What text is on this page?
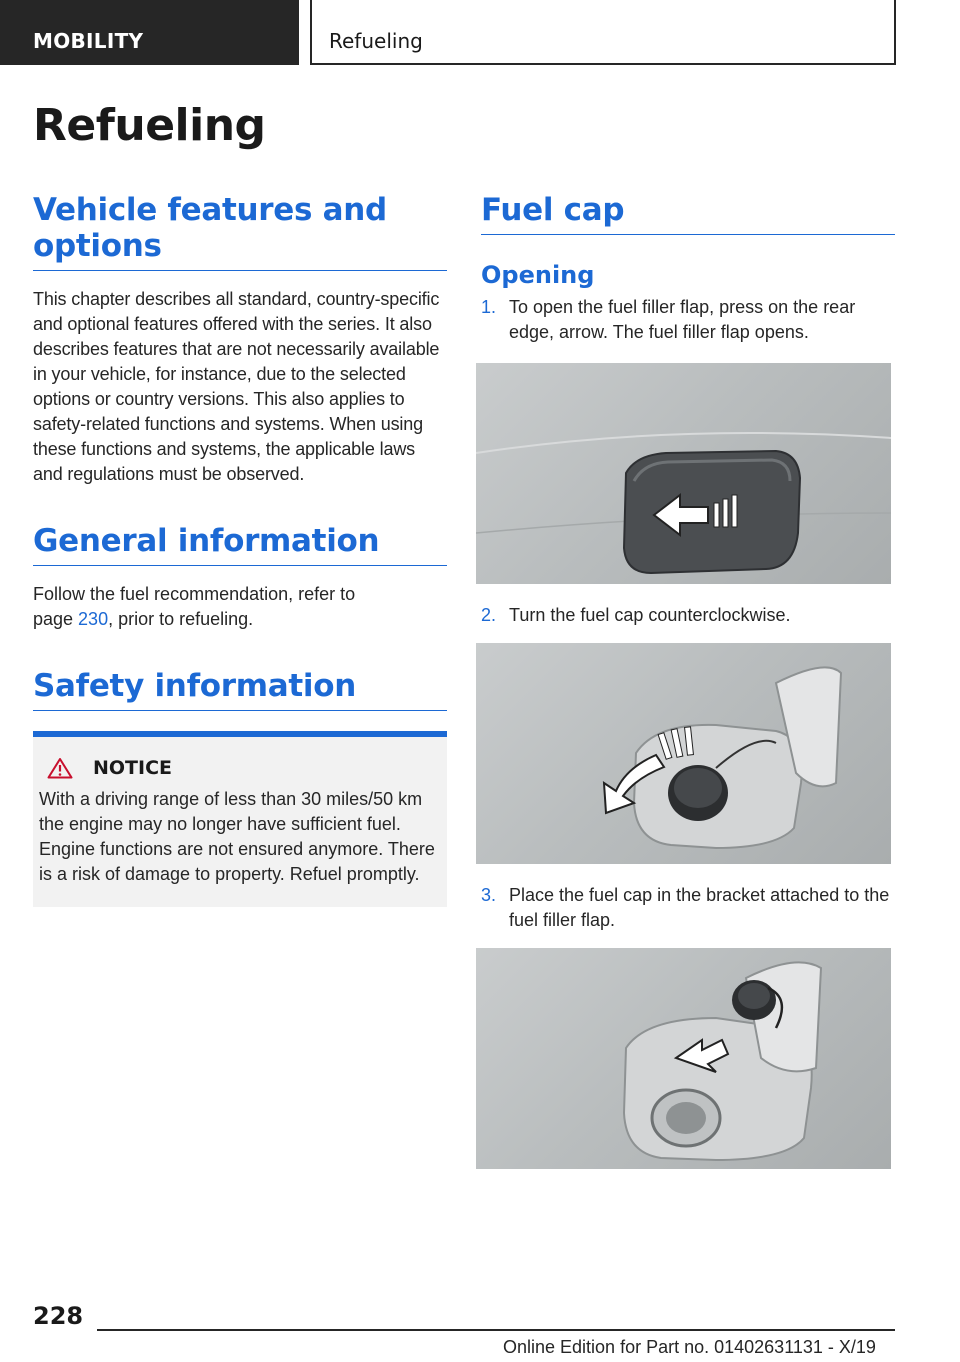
MOBILITY	Refueling
Refueling
Vehicle features and options

This chapter describes all standard, country-specific and optional features offered with the series. It also describes features that are not necessarily available in your vehicle, for instance, due to the selected options or country versions. This also applies to safety-related functions and systems. When using these functions and systems, the applicable laws and regulations must be observed.

General information

Follow the fuel recommendation, refer to page 230, prior to refueling.

Safety information
NOTICE

With a driving range of less than 30 miles/50 km the engine may no longer have sufficient fuel. Engine functions are not ensured anymore. There is a risk of damage to property. Refuel promptly.

Fuel cap
Opening
1. To open the fuel filler flap, press on the rear edge, arrow. The fuel filler flap opens.
2. Turn the fuel cap counterclockwise.
3. Place the fuel cap in the bracket attached to the fuel filler flap.
228
Online Edition for Part no. 01402631131 - X/19
